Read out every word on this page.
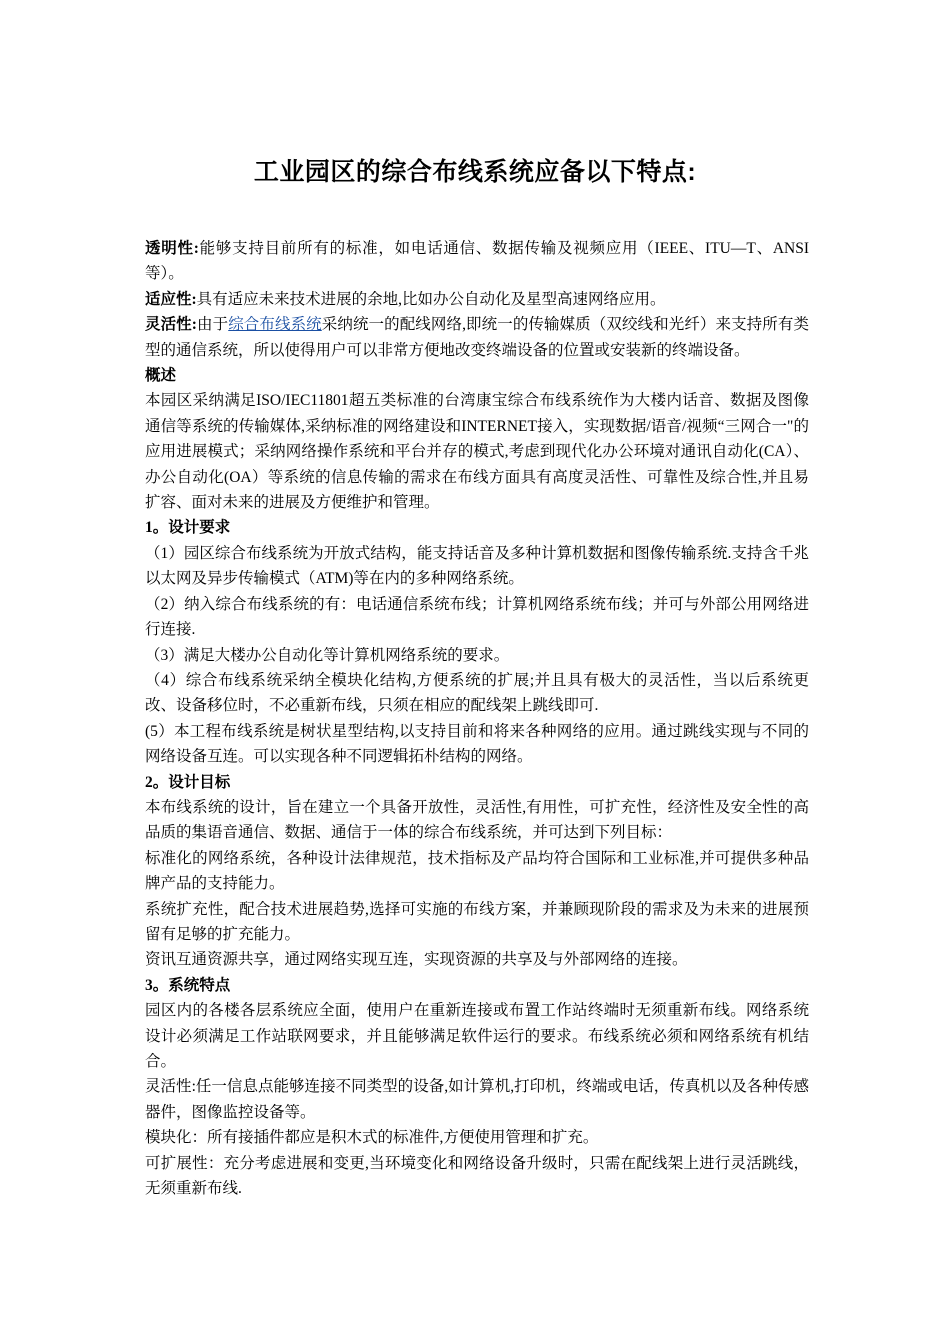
工业园区的综合布线系统应备以下特点:

透明性:能够支持目前所有的标准，如电话通信、数据传输及视频应用（IEEE、ITU—T、ANSI等）。

适应性:具有适应未来技术进展的余地,比如办公自动化及星型高速网络应用。

灵活性:由于综合布线系统采纳统一的配线网络,即统一的传输媒质（双绞线和光纤）来支持所有类型的通信系统，所以使得用户可以非常方便地改变终端设备的位置或安装新的终端设备。

概述

本园区采纳满足ISO/IEC11801超五类标准的台湾康宝综合布线系统作为大楼内话音、数据及图像通信等系统的传输媒体,采纳标准的网络建设和INTERNET接入，实现数据/语音/视频“三网合一"的应用进展模式；采纳网络操作系统和平台并存的模式,考虑到现代化办公环境对通讯自动化(CA）、办公自动化(OA）等系统的信息传输的需求在布线方面具有高度灵活性、可靠性及综合性,并且易扩容、面对未来的进展及方便维护和管理。

1。设计要求

（1）园区综合布线系统为开放式结构，能支持话音及多种计算机数据和图像传输系统.支持含千兆以太网及异步传输模式（ATM)等在内的多种网络系统。

（2）纳入综合布线系统的有：电话通信系统布线；计算机网络系统布线；并可与外部公用网络进行连接.

（3）满足大楼办公自动化等计算机网络系统的要求。

（4）综合布线系统采纳全模块化结构,方便系统的扩展;并且具有极大的灵活性，当以后系统更改、设备移位时，不必重新布线，只须在相应的配线架上跳线即可.

(5）本工程布线系统是树状星型结构,以支持目前和将来各种网络的应用。通过跳线实现与不同的网络设备互连。可以实现各种不同逻辑拓朴结构的网络。

2。设计目标

本布线系统的设计，旨在建立一个具备开放性，灵活性,有用性，可扩充性，经济性及安全性的高品质的集语音通信、数据、通信于一体的综合布线系统，并可达到下列目标：

标准化的网络系统，各种设计法律规范，技术指标及产品均符合国际和工业标准,并可提供多种品牌产品的支持能力。

系统扩充性，配合技术进展趋势,选择可实施的布线方案，并兼顾现阶段的需求及为未来的进展预留有足够的扩充能力。

资讯互通资源共享，通过网络实现互连，实现资源的共享及与外部网络的连接。

3。系统特点

园区内的各楼各层系统应全面，使用户在重新连接或布置工作站终端时无须重新布线。网络系统设计必须满足工作站联网要求，并且能够满足软件运行的要求。布线系统必须和网络系统有机结合。

灵活性:任一信息点能够连接不同类型的设备,如计算机,打印机，终端或电话，传真机以及各种传感器件，图像监控设备等。

模块化：所有接插件都应是积木式的标准件,方便使用管理和扩充。

可扩展性：充分考虑进展和变更,当环境变化和网络设备升级时，只需在配线架上进行灵活跳线，无须重新布线.
